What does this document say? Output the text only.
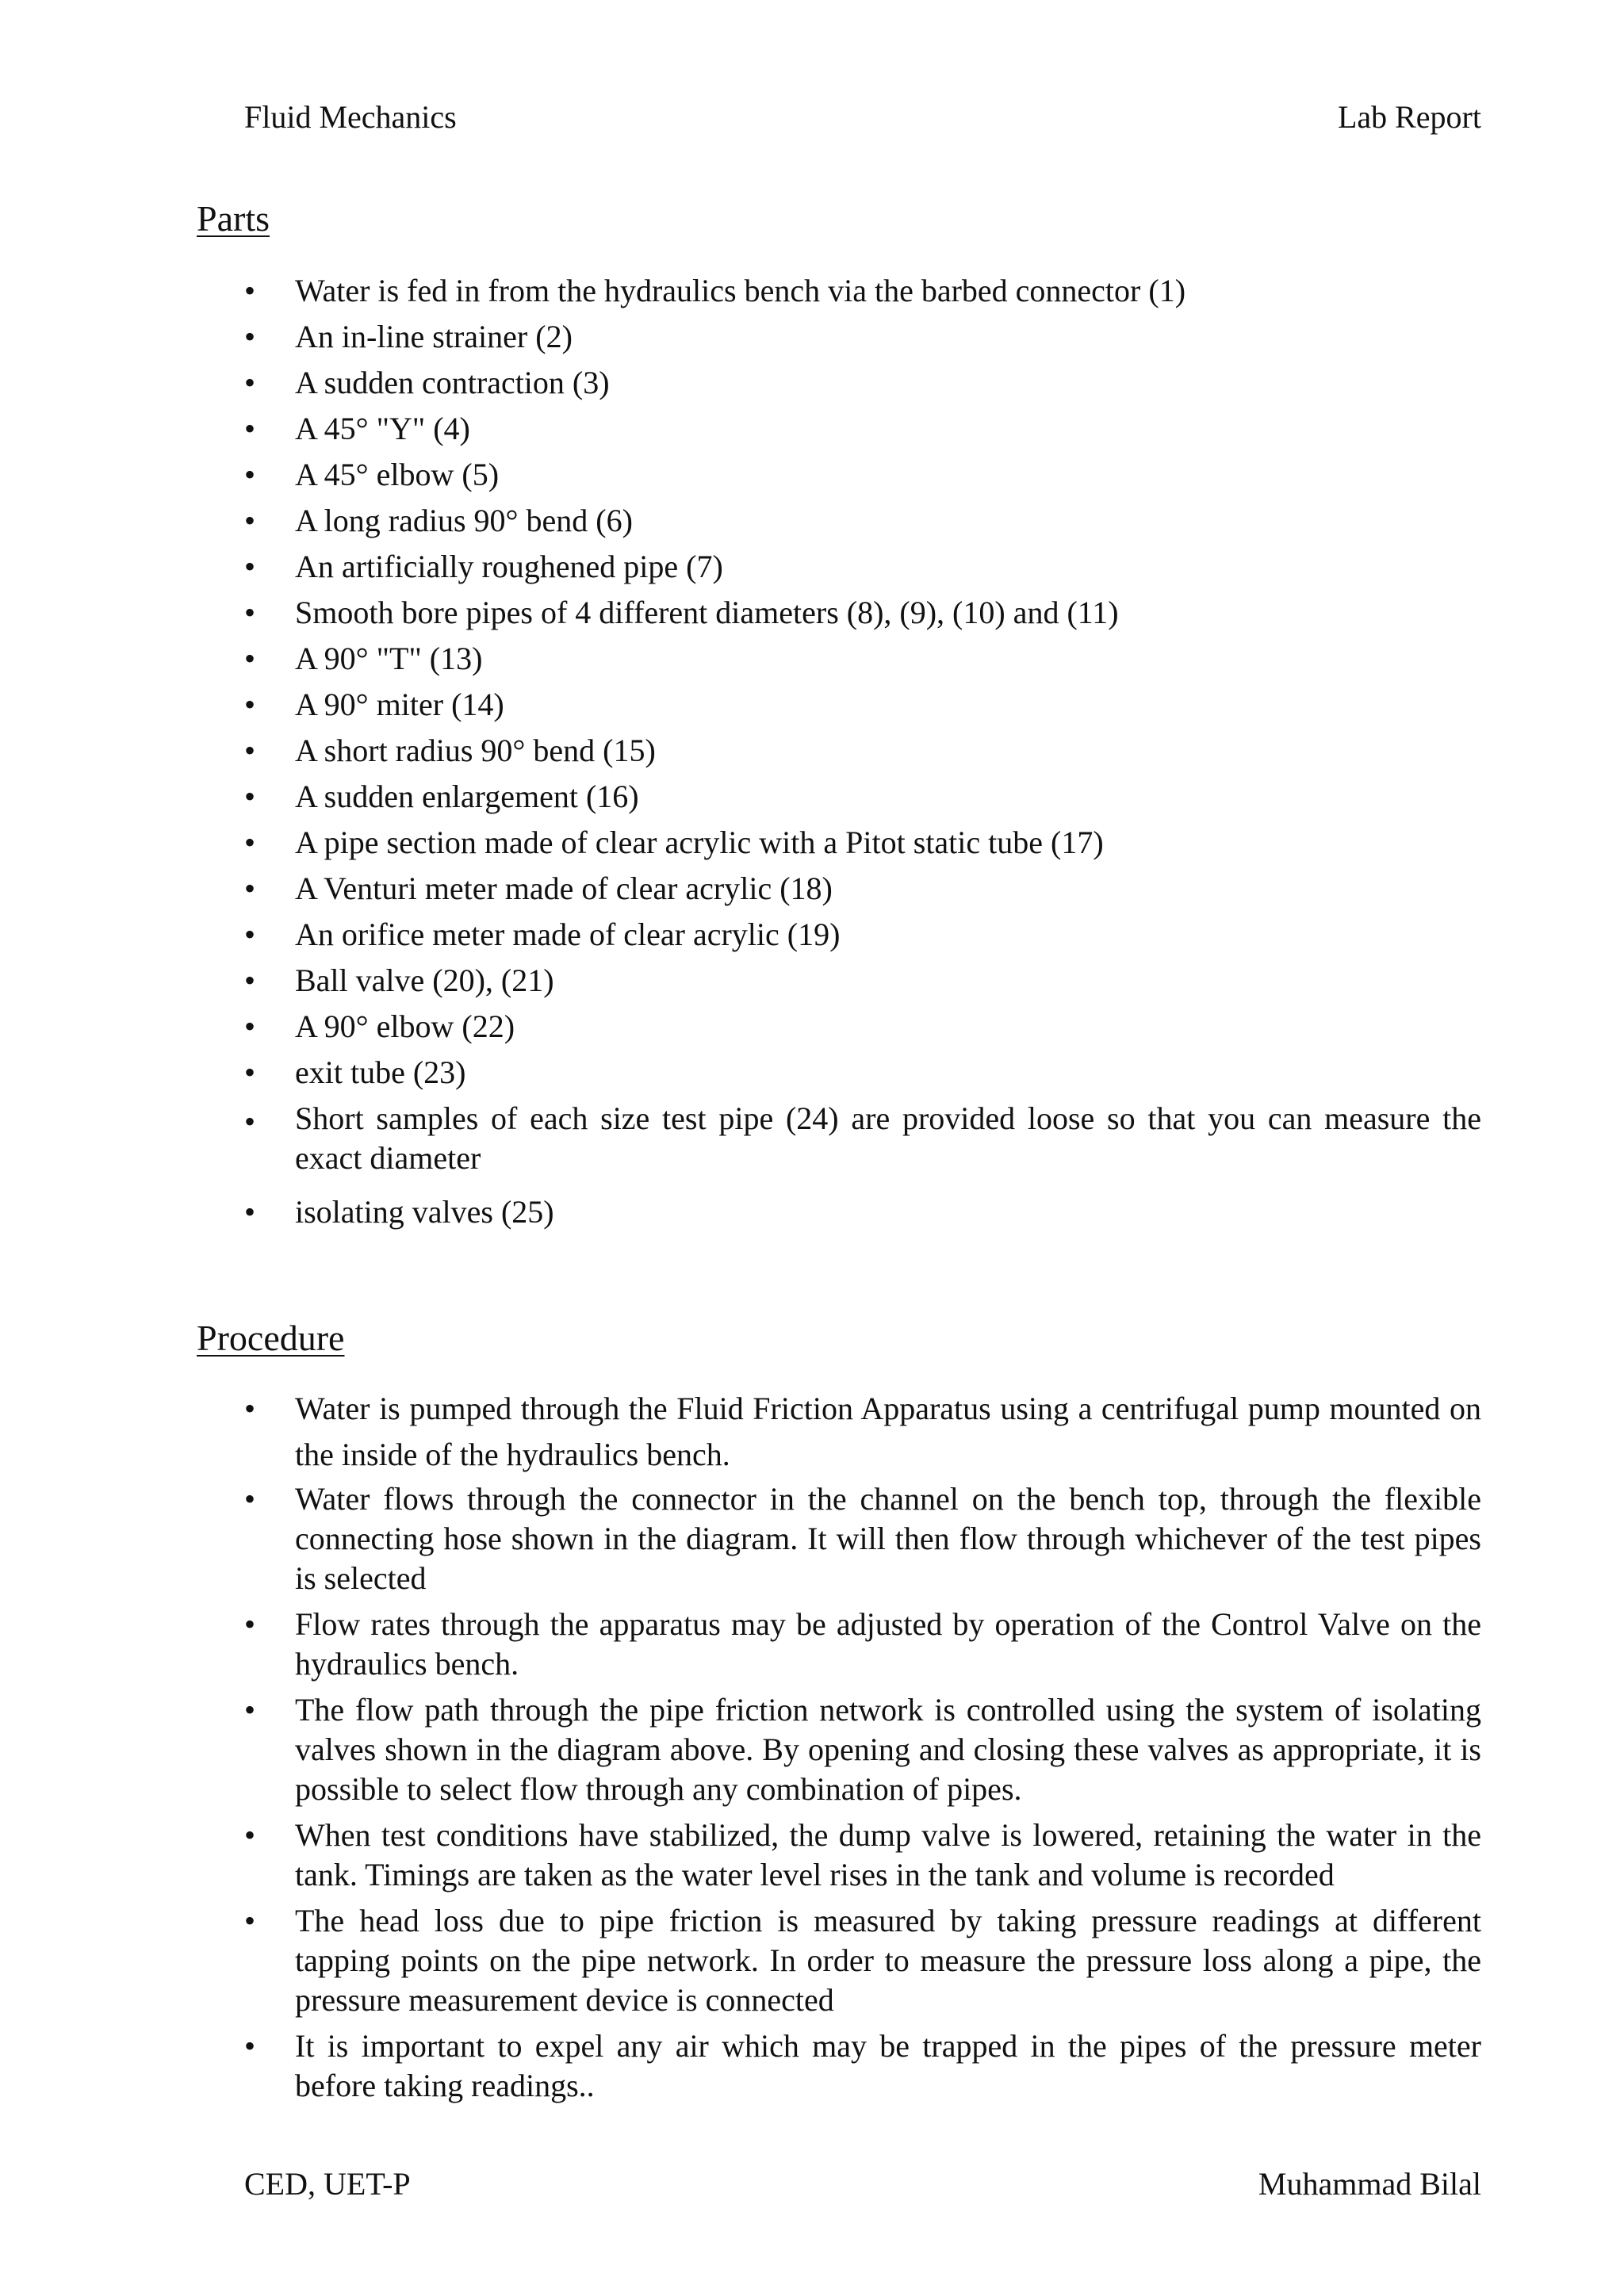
Fluid Mechanics	Lab Report
Parts
•	Water is fed in from the hydraulics bench via the barbed connector (1)
•	An in-line strainer (2)
•	A sudden contraction (3)
•	A 45° "Y" (4)
•	A 45° elbow (5)
•	A long radius 90° bend (6)
•	An artificially roughened pipe (7)
•	Smooth bore pipes of 4 different diameters (8), (9), (10) and (11)
•	A 90° "T" (13)
•	A 90° miter (14)
•	A short radius 90° bend (15)
•	A sudden enlargement (16)
•	A pipe section made of clear acrylic with a Pitot static tube (17)
•	A Venturi meter made of clear acrylic (18)
•	An orifice meter made of clear acrylic (19)
•	Ball valve (20), (21)
•	A 90° elbow (22)
•	exit tube (23)
•	Short samples of each size test pipe (24) are provided loose so that you can measure the exact diameter
•	isolating valves (25)
Procedure
•	Water is pumped through the Fluid Friction Apparatus using a centrifugal pump mounted on the inside of the hydraulics bench.
•	Water flows through the connector in the channel on the bench top, through the flexible connecting hose shown in the diagram. It will then flow through whichever of the test pipes is selected
•	Flow rates through the apparatus may be adjusted by operation of the Control Valve on the hydraulics bench.
•	The flow path through the pipe friction network is controlled using the system of isolating valves shown in the diagram above. By opening and closing these valves as appropriate, it is possible to select flow through any combination of pipes.
•	When test conditions have stabilized, the dump valve is lowered, retaining the water in the tank. Timings are taken as the water level rises in the tank and volume is recorded
•	The head loss due to pipe friction is measured by taking pressure readings at different tapping points on the pipe network. In order to measure the pressure loss along a pipe, the pressure measurement device is connected
•	It is important to expel any air which may be trapped in the pipes of the pressure meter before taking readings..
CED, UET-P	Muhammad Bilal
